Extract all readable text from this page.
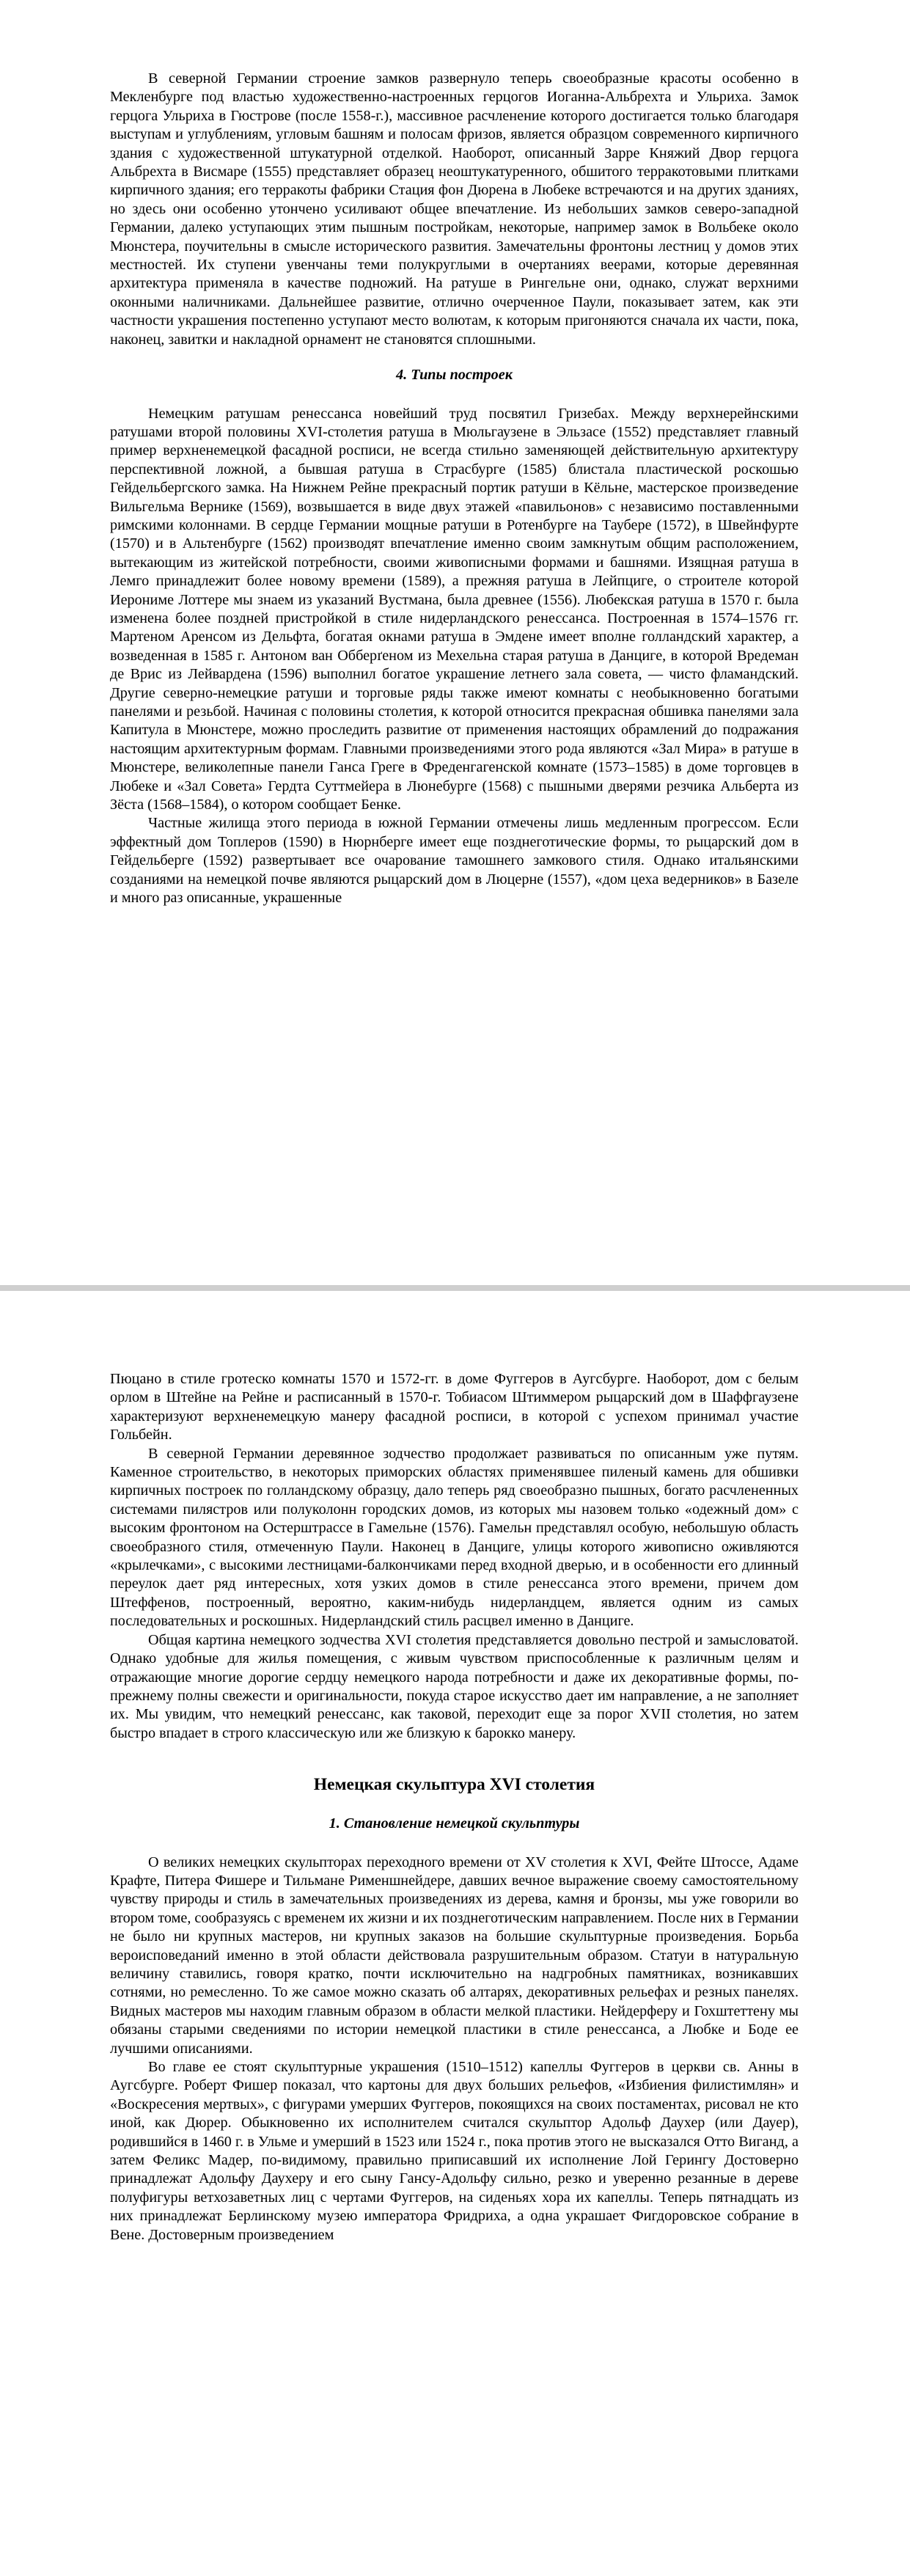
В северной Германии строение замков развернуло теперь своеобразные красоты особенно в Мекленбурге под властью художественно-настроенных герцогов Иоганна-Альбрехта и Ульриха. Замок герцога Ульриха в Гюстрове (после 1558-г.), массивное расчленение которого достигается только благодаря выступам и углублениям, угловым башням и полосам фризов, является образцом современного кирпичного здания с художественной штукатурной отделкой. Наоборот, описанный Зарре Княжий Двор герцога Альбрехта в Висмаре (1555) представляет образец неоштукатуренного, обшитого терракотовыми плитками кирпичного здания; его терракоты фабрики Стация фон Дюрена в Любеке встречаются и на других зданиях, но здесь они особенно утончено усиливают общее впечатление. Из небольших замков северо-западной Германии, далеко уступающих этим пышным постройкам, некоторые, например замок в Вольбеке около Мюнстера, поучительны в смысле исторического развития. Замечательны фронтоны лестниц у домов этих местностей. Их ступени увенчаны теми полукруглыми в очертаниях веерами, которые деревянная архитектура применяла в качестве подножий. На ратуше в Рингельне они, однако, служат верхними оконными наличниками. Дальнейшее развитие, отлично очерченное Паули, показывает затем, как эти частности украшения постепенно уступают место волютам, к которым пригоняются сначала их части, пока, наконец, завитки и накладной орнамент не становятся сплошными.

4. Типы построек

Немецким ратушам ренессанса новейший труд посвятил Гризебах. Между верхнерейнскими ратушами второй половины XVI-столетия ратуша в Мюльгаузене в Эльзасе (1552) представляет главный пример верхненемецкой фасадной росписи, не всегда стильно заменяющей действительную архитектуру перспективной ложной, а бывшая ратуша в Страсбурге (1585) блистала пластической роскошью Гейдельбергского замка. На Нижнем Рейне прекрасный портик ратуши в Кёльне, мастерское произведение Вильгельма Вернике (1569), возвышается в виде двух этажей «павильонов» с независимо поставленными римскими колоннами. В сердце Германии мощные ратуши в Ротенбурге на Таубере (1572), в Швейнфурте (1570) и в Альтенбурге (1562) производят впечатление именно своим замкнутым общим расположением, вытекающим из житейской потребности, своими живописными формами и башнями. Изящная ратуша в Лемго принадлежит более новому времени (1589), а прежняя ратуша в Лейпциге, о строителе которой Иерониме Лоттере мы знаем из указаний Вустмана, была древнее (1556). Любекская ратуша в 1570 г. была изменена более поздней пристройкой в стиле нидерландского ренессанса. Построенная в 1574–1576 гг. Мартеном Аренсом из Дельфта, богатая окнами ратуша в Эмдене имеет вполне голландский характер, а возведенная в 1585 г. Антоном ван Обберґеном из Мехельна старая ратуша в Данциге, в которой Вредеман де Врис из Лейвардена (1596) выполнил богатое украшение летнего зала совета, — чисто фламандский. Другие северно-немецкие ратуши и торговые ряды также имеют комнаты с необыкновенно богатыми панелями и резьбой. Начиная с половины столетия, к которой относится прекрасная обшивка панелями зала Капитула в Мюнстере, можно проследить развитие от применения настоящих обрамлений до подражания настоящим архитектурным формам. Главными произведениями этого рода являются «Зал Мира» в ратуше в Мюнстере, великолепные панели Ганса Греге в Фреденгагенской комнате (1573–1585) в доме торговцев в Любеке и «Зал Совета» Гердта Суттмейера в Люнебурге (1568) с пышными дверями резчика Альберта из Зёста (1568–1584), о котором сообщает Бенке.

Частные жилища этого периода в южной Германии отмечены лишь медленным прогрессом. Если эффектный дом Топлеров (1590) в Нюрнберге имеет еще позднеготические формы, то рыцарский дом в Гейдельберге (1592) развертывает все очарование тамошнего замкового стиля. Однако итальянскими созданиями на немецкой почве являются рыцарский дом в Люцерне (1557), «дом цеха ведерников» в Базеле и много раз описанные, украшенные

Пюцано в стиле гротеско комнаты 1570 и 1572-гг. в доме Фуггеров в Аугсбурге. Наоборот, дом с белым орлом в Штейне на Рейне и расписанный в 1570-г. Тобиасом Штиммером рыцарский дом в Шаффгаузене характеризуют верхненемецкую манеру фасадной росписи, в которой с успехом принимал участие Гольбейн.

В северной Германии деревянное зодчество продолжает развиваться по описанным уже путям. Каменное строительство, в некоторых приморских областях применявшее пиленый камень для обшивки кирпичных построек по голландскому образцу, дало теперь ряд своеобразно пышных, богато расчлененных системами пилястров или полуколонн городских домов, из которых мы назовем только «одежный дом» с высоким фронтоном на Остерштрассе в Гамельне (1576). Гамельн представлял особую, небольшую область своеобразного стиля, отмеченную Паули. Наконец в Данциге, улицы которого живописно оживляются «крылечками», с высокими лестницами-балкончиками перед входной дверью, и в особенности его длинный переулок дает ряд интересных, хотя узких домов в стиле ренессанса этого времени, причем дом Штеффенов, построенный, вероятно, каким-нибудь нидерландцем, является одним из самых последовательных и роскошных. Нидерландский стиль расцвел именно в Данциге.

Общая картина немецкого зодчества XVI столетия представляется довольно пестрой и замысловатой. Однако удобные для жилья помещения, с живым чувством приспособленные к различным целям и отражающие многие дорогие сердцу немецкого народа потребности и даже их декоративные формы, по-прежнему полны свежести и оригинальности, покуда старое искусство дает им направление, а не заполняет их. Мы увидим, что немецкий ренессанс, как таковой, переходит еще за порог XVII столетия, но затем быстро впадает в строго классическую или же близкую к барокко манеру.

Немецкая скульптура XVI столетия
1. Становление немецкой скульптуры

О великих немецких скульпторах переходного времени от XV столетия к XVI, Фейте Штоссе, Адаме Крафте, Питера Фишере и Тильмане Рименшнейдере, давших вечное выражение своему самостоятельному чувству природы и стиль в замечательных произведениях из дерева, камня и бронзы, мы уже говорили во втором томе, сообразуясь с временем их жизни и их позднеготическим направлением. После них в Германии не было ни крупных мастеров, ни крупных заказов на большие скульптурные произведения. Борьба вероисповеданий именно в этой области действовала разрушительным образом. Статуи в натуральную величину ставились, говоря кратко, почти исключительно на надгробных памятниках, возникавших сотнями, но ремесленно. То же самое можно сказать об алтарях, декоративных рельефах и резных панелях. Видных мастеров мы находим главным образом в области мелкой пластики. Нейдерферу и Гохштеттену мы обязаны старыми сведениями по истории немецкой пластики в стиле ренессанса, а Любке и Боде ее лучшими описаниями.

Во главе ее стоят скульптурные украшения (1510–1512) капеллы Фуггеров в церкви св. Анны в Аугсбурге. Роберт Фишер показал, что картоны для двух больших рельефов, «Избиения филистимлян» и «Воскресения мертвых», с фигурами умерших Фуггеров, покоящихся на своих постаментах, рисовал не кто иной, как Дюрер. Обыкновенно их исполнителем считался скульптор Адольф Даухер (или Дауер), родившийся в 1460 г. в Ульме и умерший в 1523 или 1524 г., пока против этого не высказался Отто Виганд, а затем Феликс Мадер, по-видимому, правильно приписавший их исполнение Лой Герингу Достоверно принадлежат Адольфу Даухеру и его сыну Гансу-Адольфу сильно, резко и уверенно резанные в дереве полуфигуры ветхозаветных лиц с чертами Фуггеров, на сиденьях хора их капеллы. Теперь пятнадцать из них принадлежат Берлинскому музею императора Фридриха, а одна украшает Фигдоровское собрание в Вене. Достоверным произведением
